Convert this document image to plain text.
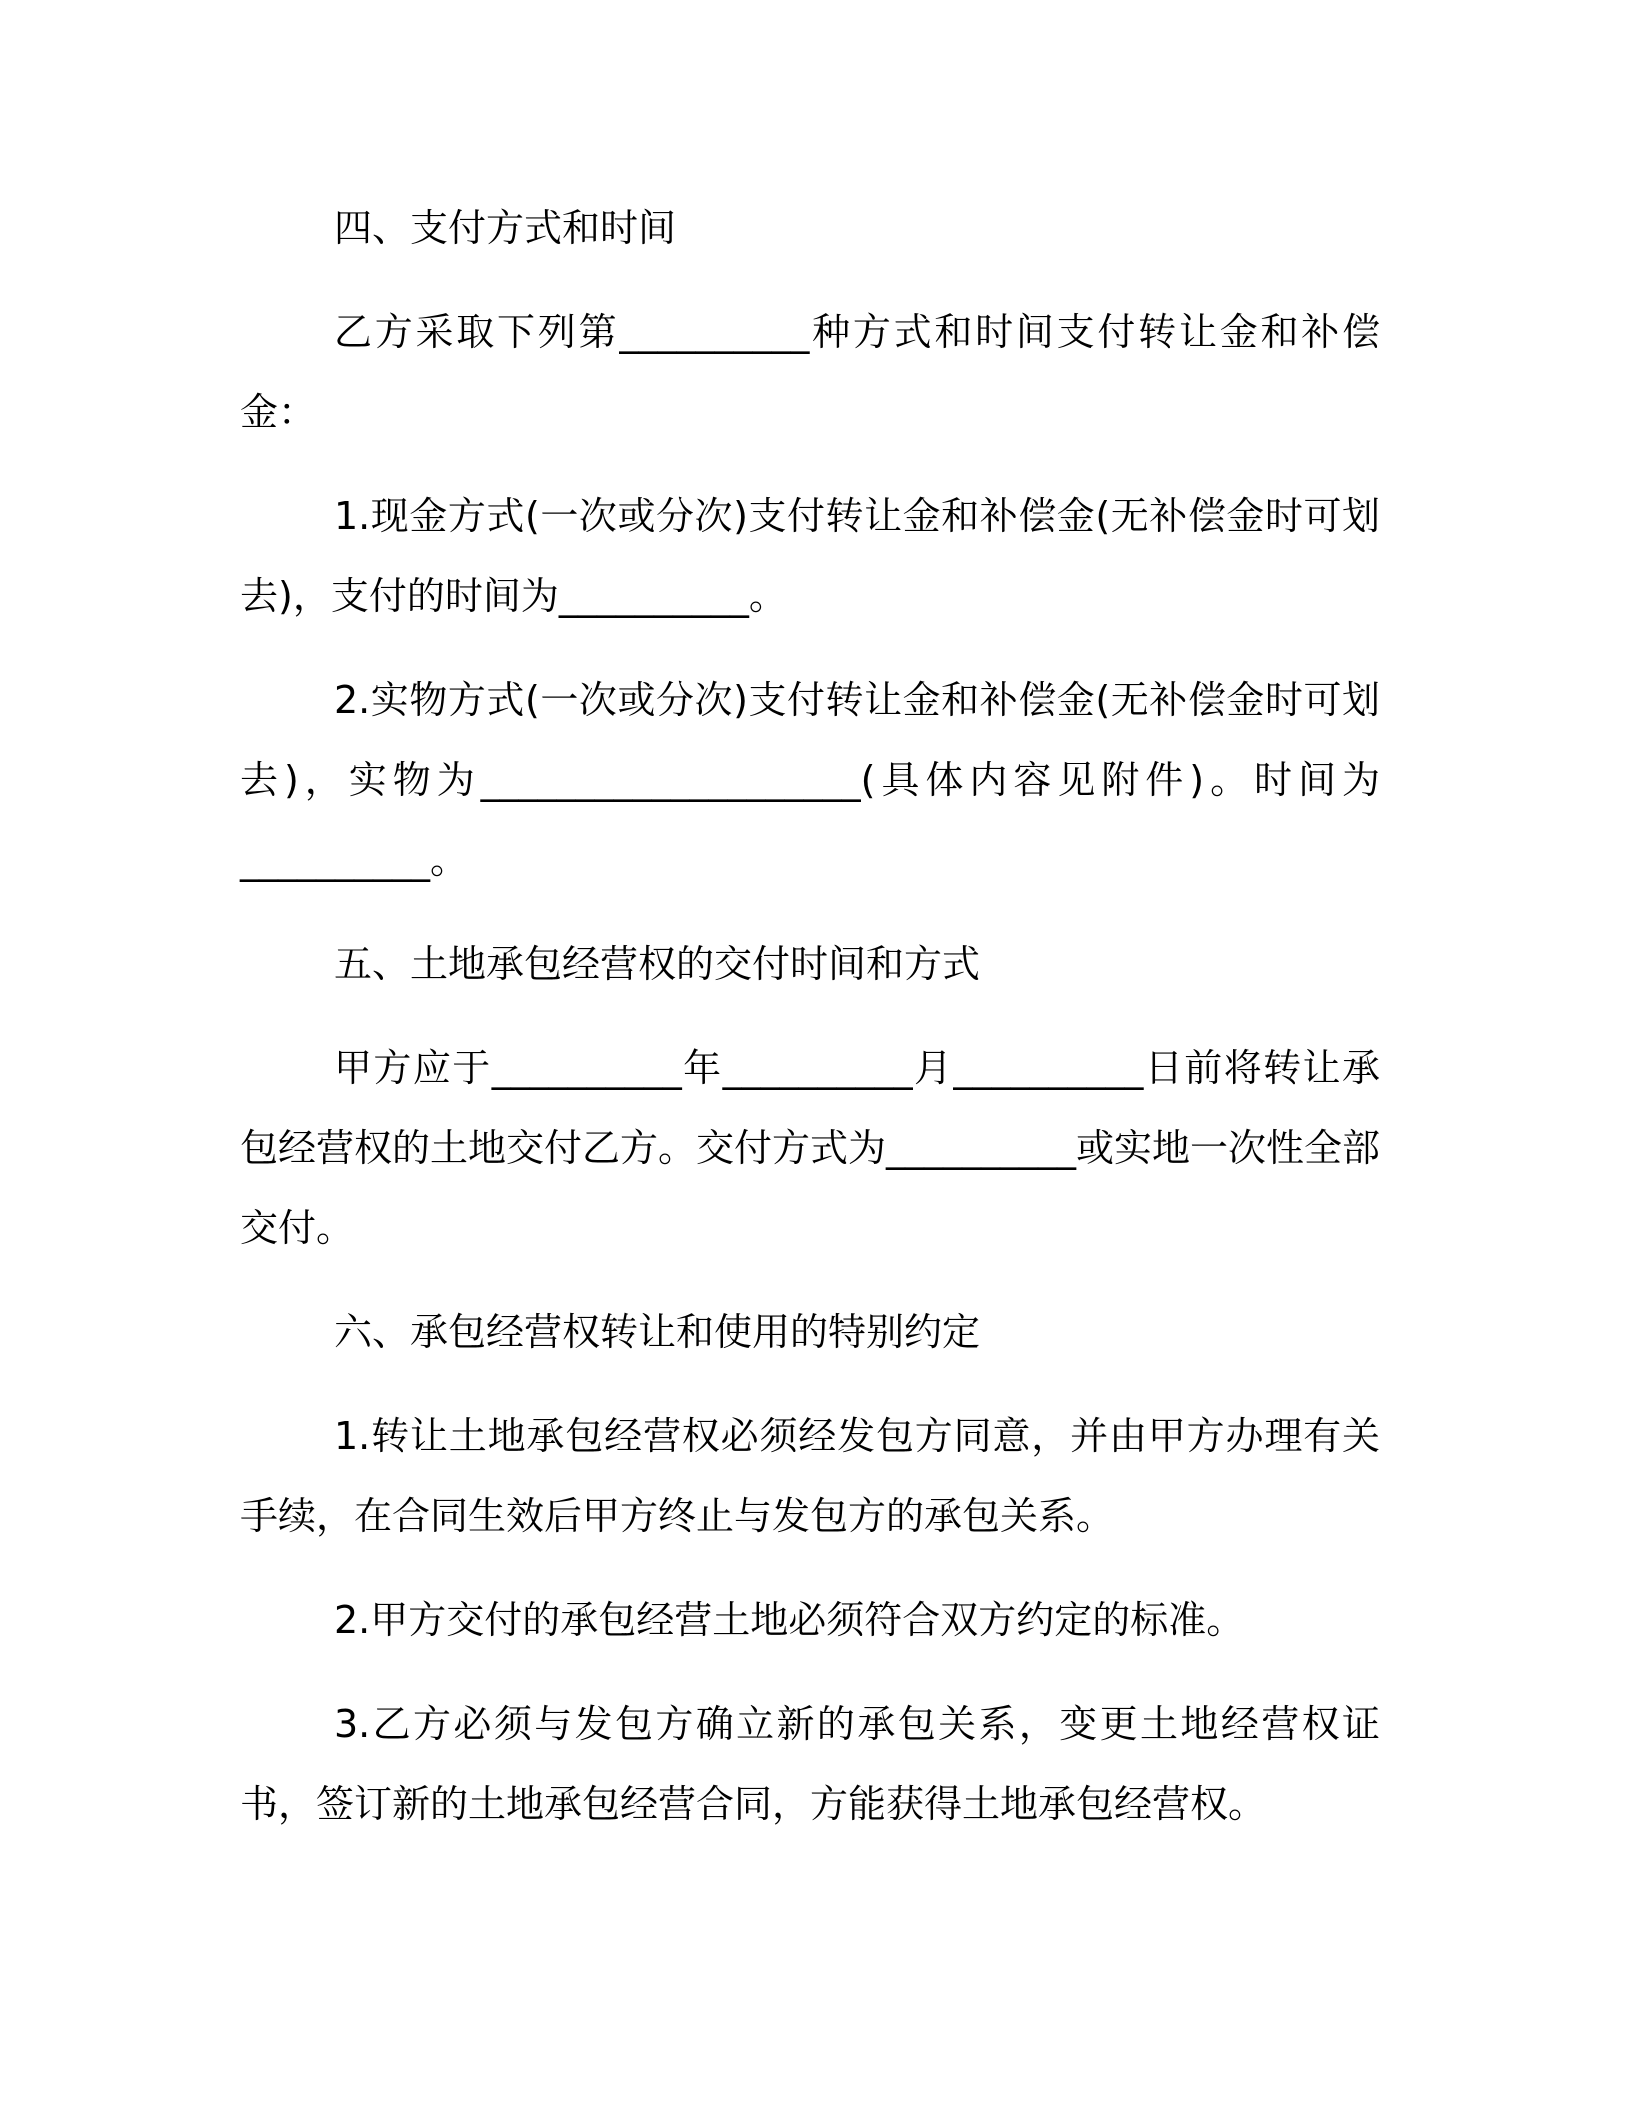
四、支付方式和时间

乙方采取下列第__________种方式和时间支付转让金和补偿金：

1.现金方式(一次或分次)支付转让金和补偿金(无补偿金时可划去)，支付的时间为__________。

2.实物方式(一次或分次)支付转让金和补偿金(无补偿金时可划去)，实物为____________________(具体内容见附件)。时间为__________。

五、土地承包经营权的交付时间和方式

甲方应于__________年__________月__________日前将转让承包经营权的土地交付乙方。交付方式为__________或实地一次性全部交付。

六、承包经营权转让和使用的特别约定

1.转让土地承包经营权必须经发包方同意，并由甲方办理有关手续，在合同生效后甲方终止与发包方的承包关系。

2.甲方交付的承包经营土地必须符合双方约定的标准。

3.乙方必须与发包方确立新的承包关系，变更土地经营权证书，签订新的土地承包经营合同，方能获得土地承包经营权。
